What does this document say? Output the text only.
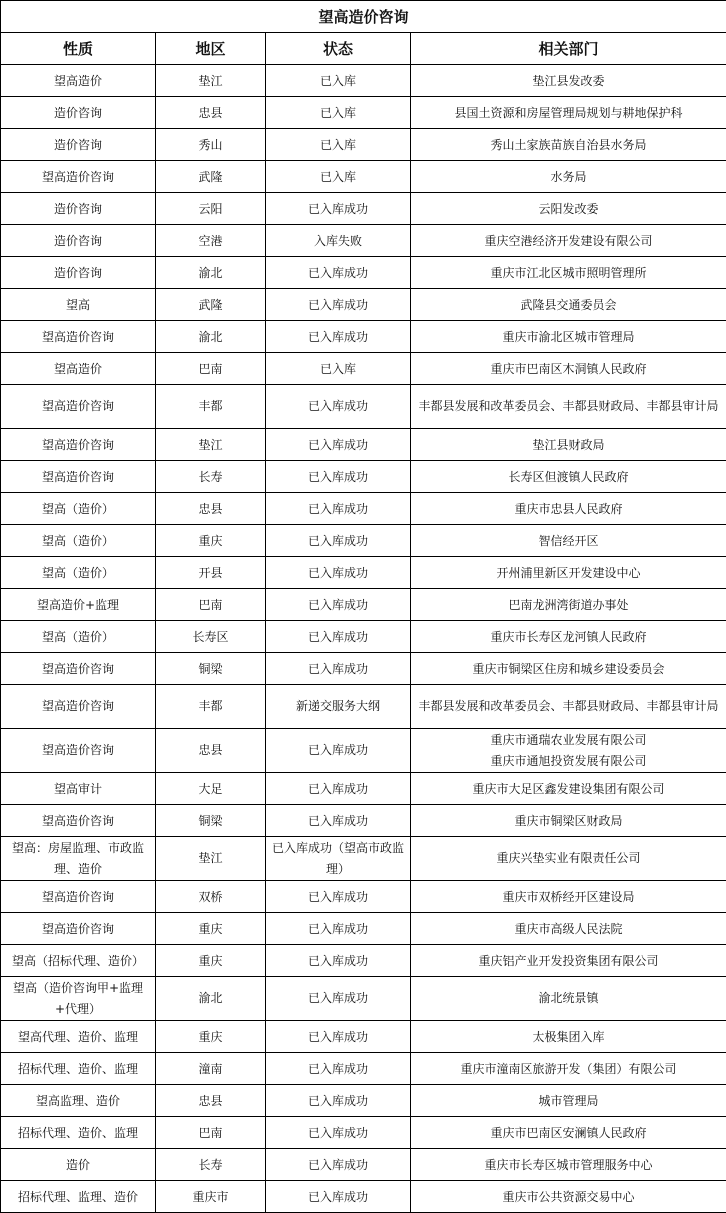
望高造价咨询			
性质	地区	状态	相关部门

望高造价	垫江	已入库	垫江县发改委

造价咨询	忠县	已入库	县国土资源和房屋管理局规划与耕地保护科

造价咨询	秀山	已入库	秀山土家族苗族自治县水务局

望高造价咨询	武隆	已入库	水务局

造价咨询	云阳	已入库成功	云阳发改委

造价咨询	空港	入库失败	重庆空港经济开发建设有限公司

造价咨询	渝北	已入库成功	重庆市江北区城市照明管理所

望高	武隆	已入库成功	武隆县交通委员会

望高造价咨询	渝北	已入库成功	重庆市渝北区城市管理局

望高造价	巴南	已入库	重庆市巴南区木洞镇人民政府

望高造价咨询	丰都	已入库成功	丰都县发展和改革委员会、丰都县财政局、丰都县审计局

望高造价咨询	垫江	已入库成功	垫江县财政局

望高造价咨询	长寿	已入库成功	长寿区但渡镇人民政府

望高（造价）	忠县	已入库成功	重庆市忠县人民政府

望高（造价）	重庆	已入库成功	智信经开区

望高（造价）	开县	已入库成功	开州浦里新区开发建设中心

望高造价+监理	巴南	已入库成功	巴南龙洲湾街道办事处

望高（造价）	长寿区	已入库成功	重庆市长寿区龙河镇人民政府

望高造价咨询	铜梁	已入库成功	重庆市铜梁区住房和城乡建设委员会

望高造价咨询	丰都	新递交服务大纲	丰都县发展和改革委员会、丰都县财政局、丰都县审计局

望高造价咨询	忠县	已入库成功	重庆市通瑞农业发展有限公司
重庆市通旭投资发展有限公司

望高审计	大足	已入库成功	重庆市大足区鑫发建设集团有限公司

望高造价咨询	铜梁	已入库成功	重庆市铜梁区财政局

望高：房屋监理、市政监理、造价	垫江	已入库成功（望高市政监理）	重庆兴垫实业有限责任公司

望高造价咨询	双桥	已入库成功	重庆市双桥经开区建设局

望高造价咨询	重庆	已入库成功	重庆市高级人民法院

望高（招标代理、造价）	重庆	已入库成功	重庆铝产业开发投资集团有限公司

望高（造价咨询甲+监理+代理）	渝北	已入库成功	渝北统景镇

望高代理、造价、监理	重庆	已入库成功	太极集团入库

招标代理、造价、监理	潼南	已入库成功	重庆市潼南区旅游开发（集团）有限公司

望高监理、造价	忠县	已入库成功	城市管理局

招标代理、造价、监理	巴南	已入库成功	重庆市巴南区安澜镇人民政府

造价	长寿	已入库成功	重庆市长寿区城市管理服务中心

招标代理、监理、造价	重庆市	已入库成功	重庆市公共资源交易中心
